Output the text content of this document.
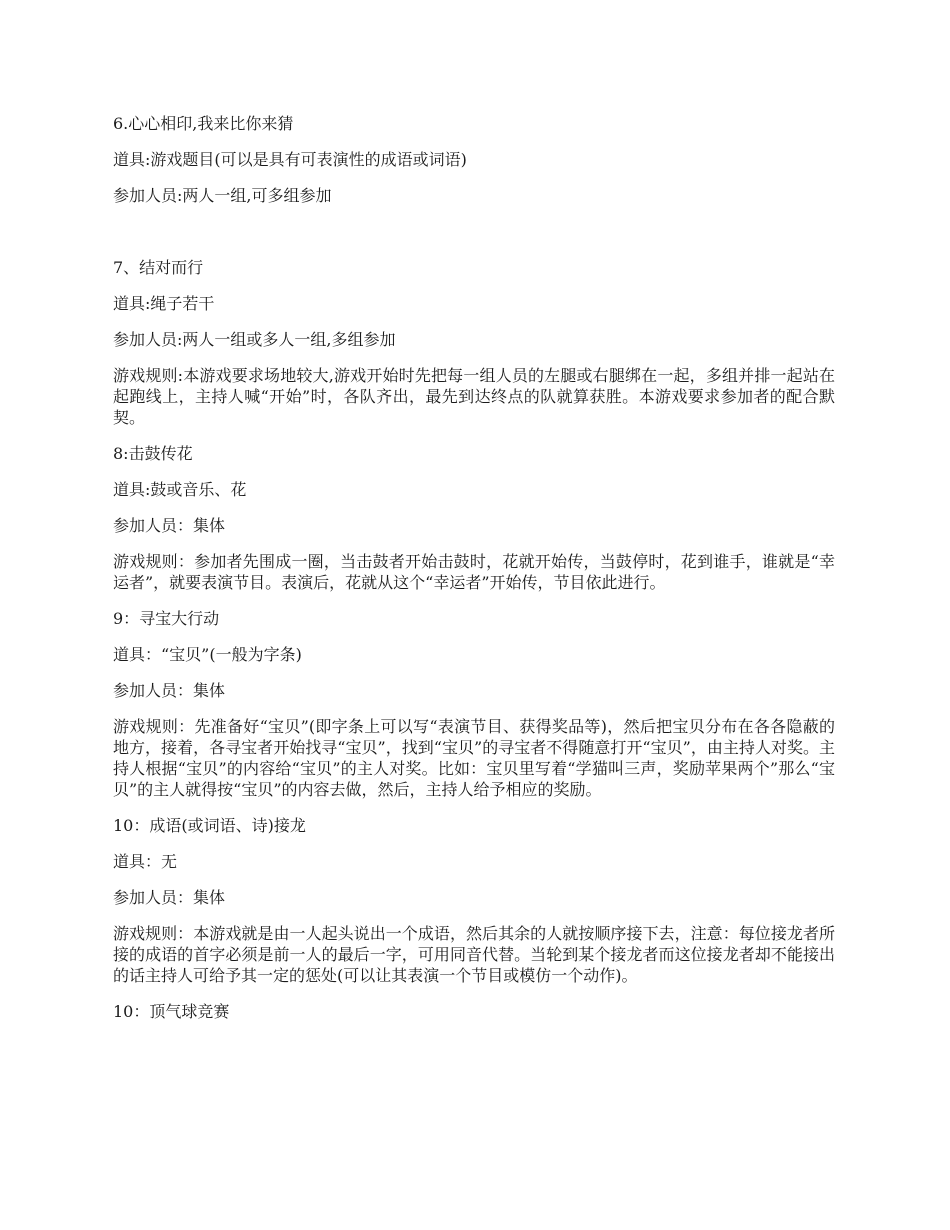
6.心心相印,我来比你来猜

道具:游戏题目(可以是具有可表演性的成语或词语)

参加人员:两人一组,可多组参加

7、结对而行

道具:绳子若干

参加人员:两人一组或多人一组,多组参加

游戏规则:本游戏要求场地较大,游戏开始时先把每一组人员的左腿或右腿绑在一起，多组并排一起站在起跑线上，主持人喊“开始”时，各队齐出，最先到达终点的队就算获胜。本游戏要求参加者的配合默契。

8:击鼓传花

道具:鼓或音乐、花

参加人员：集体

游戏规则：参加者先围成一圈，当击鼓者开始击鼓时，花就开始传，当鼓停时，花到谁手，谁就是“幸运者”，就要表演节目。表演后，花就从这个“幸运者”开始传，节目依此进行。

9：寻宝大行动

道具：“宝贝”(一般为字条)

参加人员：集体

游戏规则：先准备好“宝贝”(即字条上可以写“表演节目、获得奖品等)，然后把宝贝分布在各各隐蔽的地方，接着，各寻宝者开始找寻“宝贝”，找到“宝贝”的寻宝者不得随意打开“宝贝”，由主持人对奖。主持人根据“宝贝”的内容给“宝贝”的主人对奖。比如：宝贝里写着“学猫叫三声，奖励苹果两个”那么“宝贝”的主人就得按“宝贝”的内容去做，然后，主持人给予相应的奖励。

10：成语(或词语、诗)接龙

道具：无

参加人员：集体

游戏规则：本游戏就是由一人起头说出一个成语，然后其余的人就按顺序接下去，注意：每位接龙者所接的成语的首字必须是前一人的最后一字，可用同音代替。当轮到某个接龙者而这位接龙者却不能接出的话主持人可给予其一定的惩处(可以让其表演一个节目或模仿一个动作)。

10：顶气球竞赛
